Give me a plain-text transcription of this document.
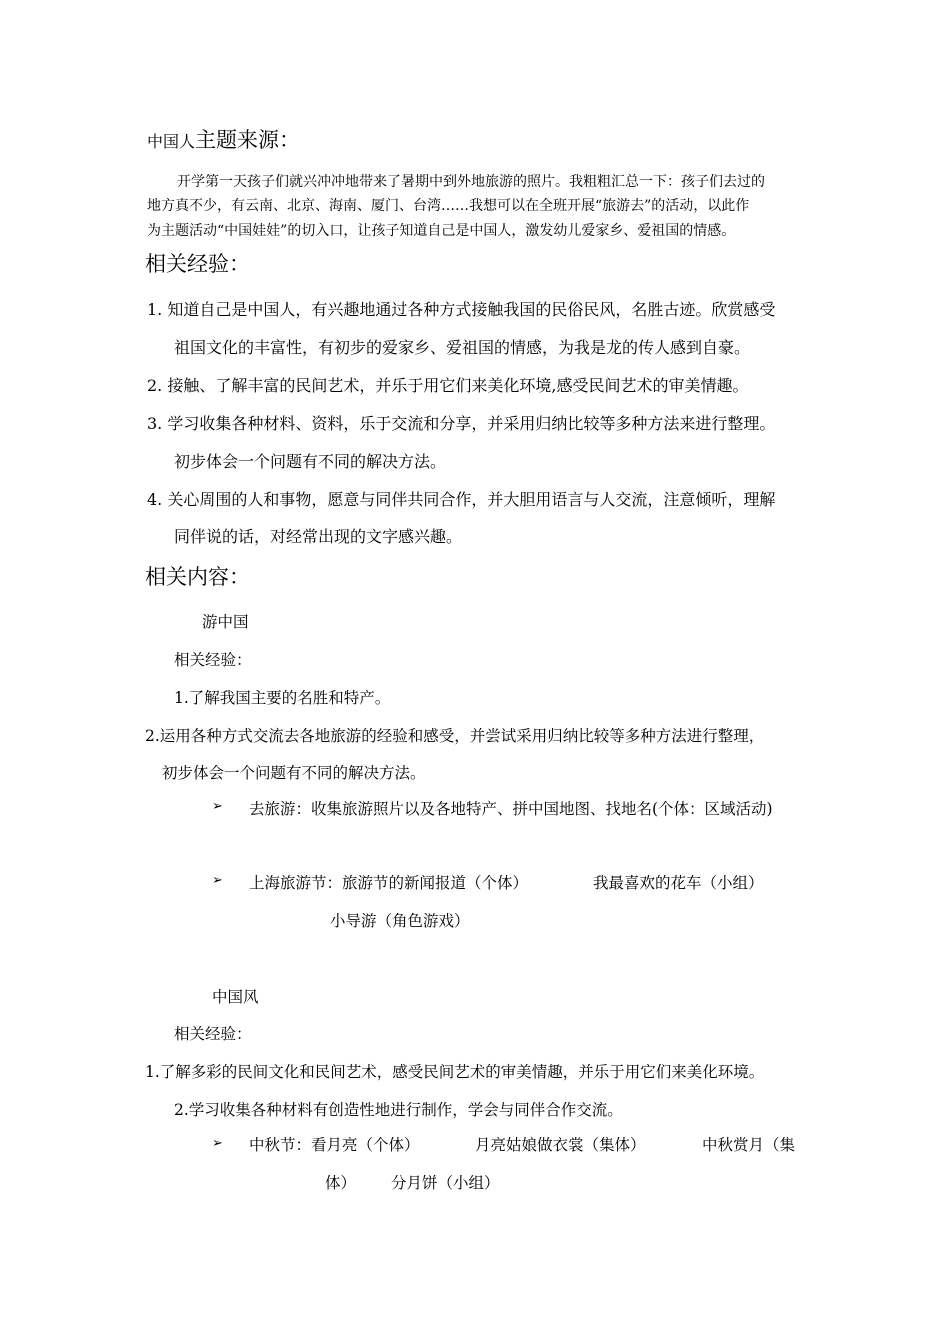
中国人主题来源：
开学第一天孩子们就兴冲冲地带来了暑期中到外地旅游的照片。我粗粗汇总一下：孩子们去过的
地方真不少，有云南、北京、海南、厦门、台湾……我想可以在全班开展“旅游去”的活动，以此作
为主题活动“中国娃娃”的切入口，让孩子知道自己是中国人，激发幼儿爱家乡、爱祖国的情感。
相关经验：
1. 知道自己是中国人，有兴趣地通过各种方式接触我国的民俗民风，名胜古迹。欣赏感受
祖国文化的丰富性，有初步的爱家乡、爱祖国的情感，为我是龙的传人感到自豪。
2. 接触、了解丰富的民间艺术，并乐于用它们来美化环境,感受民间艺术的审美情趣。
3. 学习收集各种材料、资料，乐于交流和分享，并采用归纳比较等多种方法来进行整理。
初步体会一个问题有不同的解决方法。
4. 关心周围的人和事物，愿意与同伴共同合作，并大胆用语言与人交流，注意倾听，理解
同伴说的话，对经常出现的文字感兴趣。
相关内容：
游中国
相关经验：
1.了解我国主要的名胜和特产。
2.运用各种方式交流去各地旅游的经验和感受，并尝试采用归纳比较等多种方法进行整理，
初步体会一个问题有不同的解决方法。
➢ 去旅游：收集旅游照片以及各地特产、拼中国地图、找地名(个体：区域活动)
➢ 上海旅游节：旅游节的新闻报道（个体）	我最喜欢的花车（小组）
小导游（角色游戏）
中国风
相关经验：
1.了解多彩的民间文化和民间艺术，感受民间艺术的审美情趣，并乐于用它们来美化环境。
2.学习收集各种材料有创造性地进行制作，学会与同伴合作交流。
➢ 中秋节：看月亮（个体）	月亮姑娘做衣裳（集体）	中秋赏月（集
体） 分月饼（小组）
